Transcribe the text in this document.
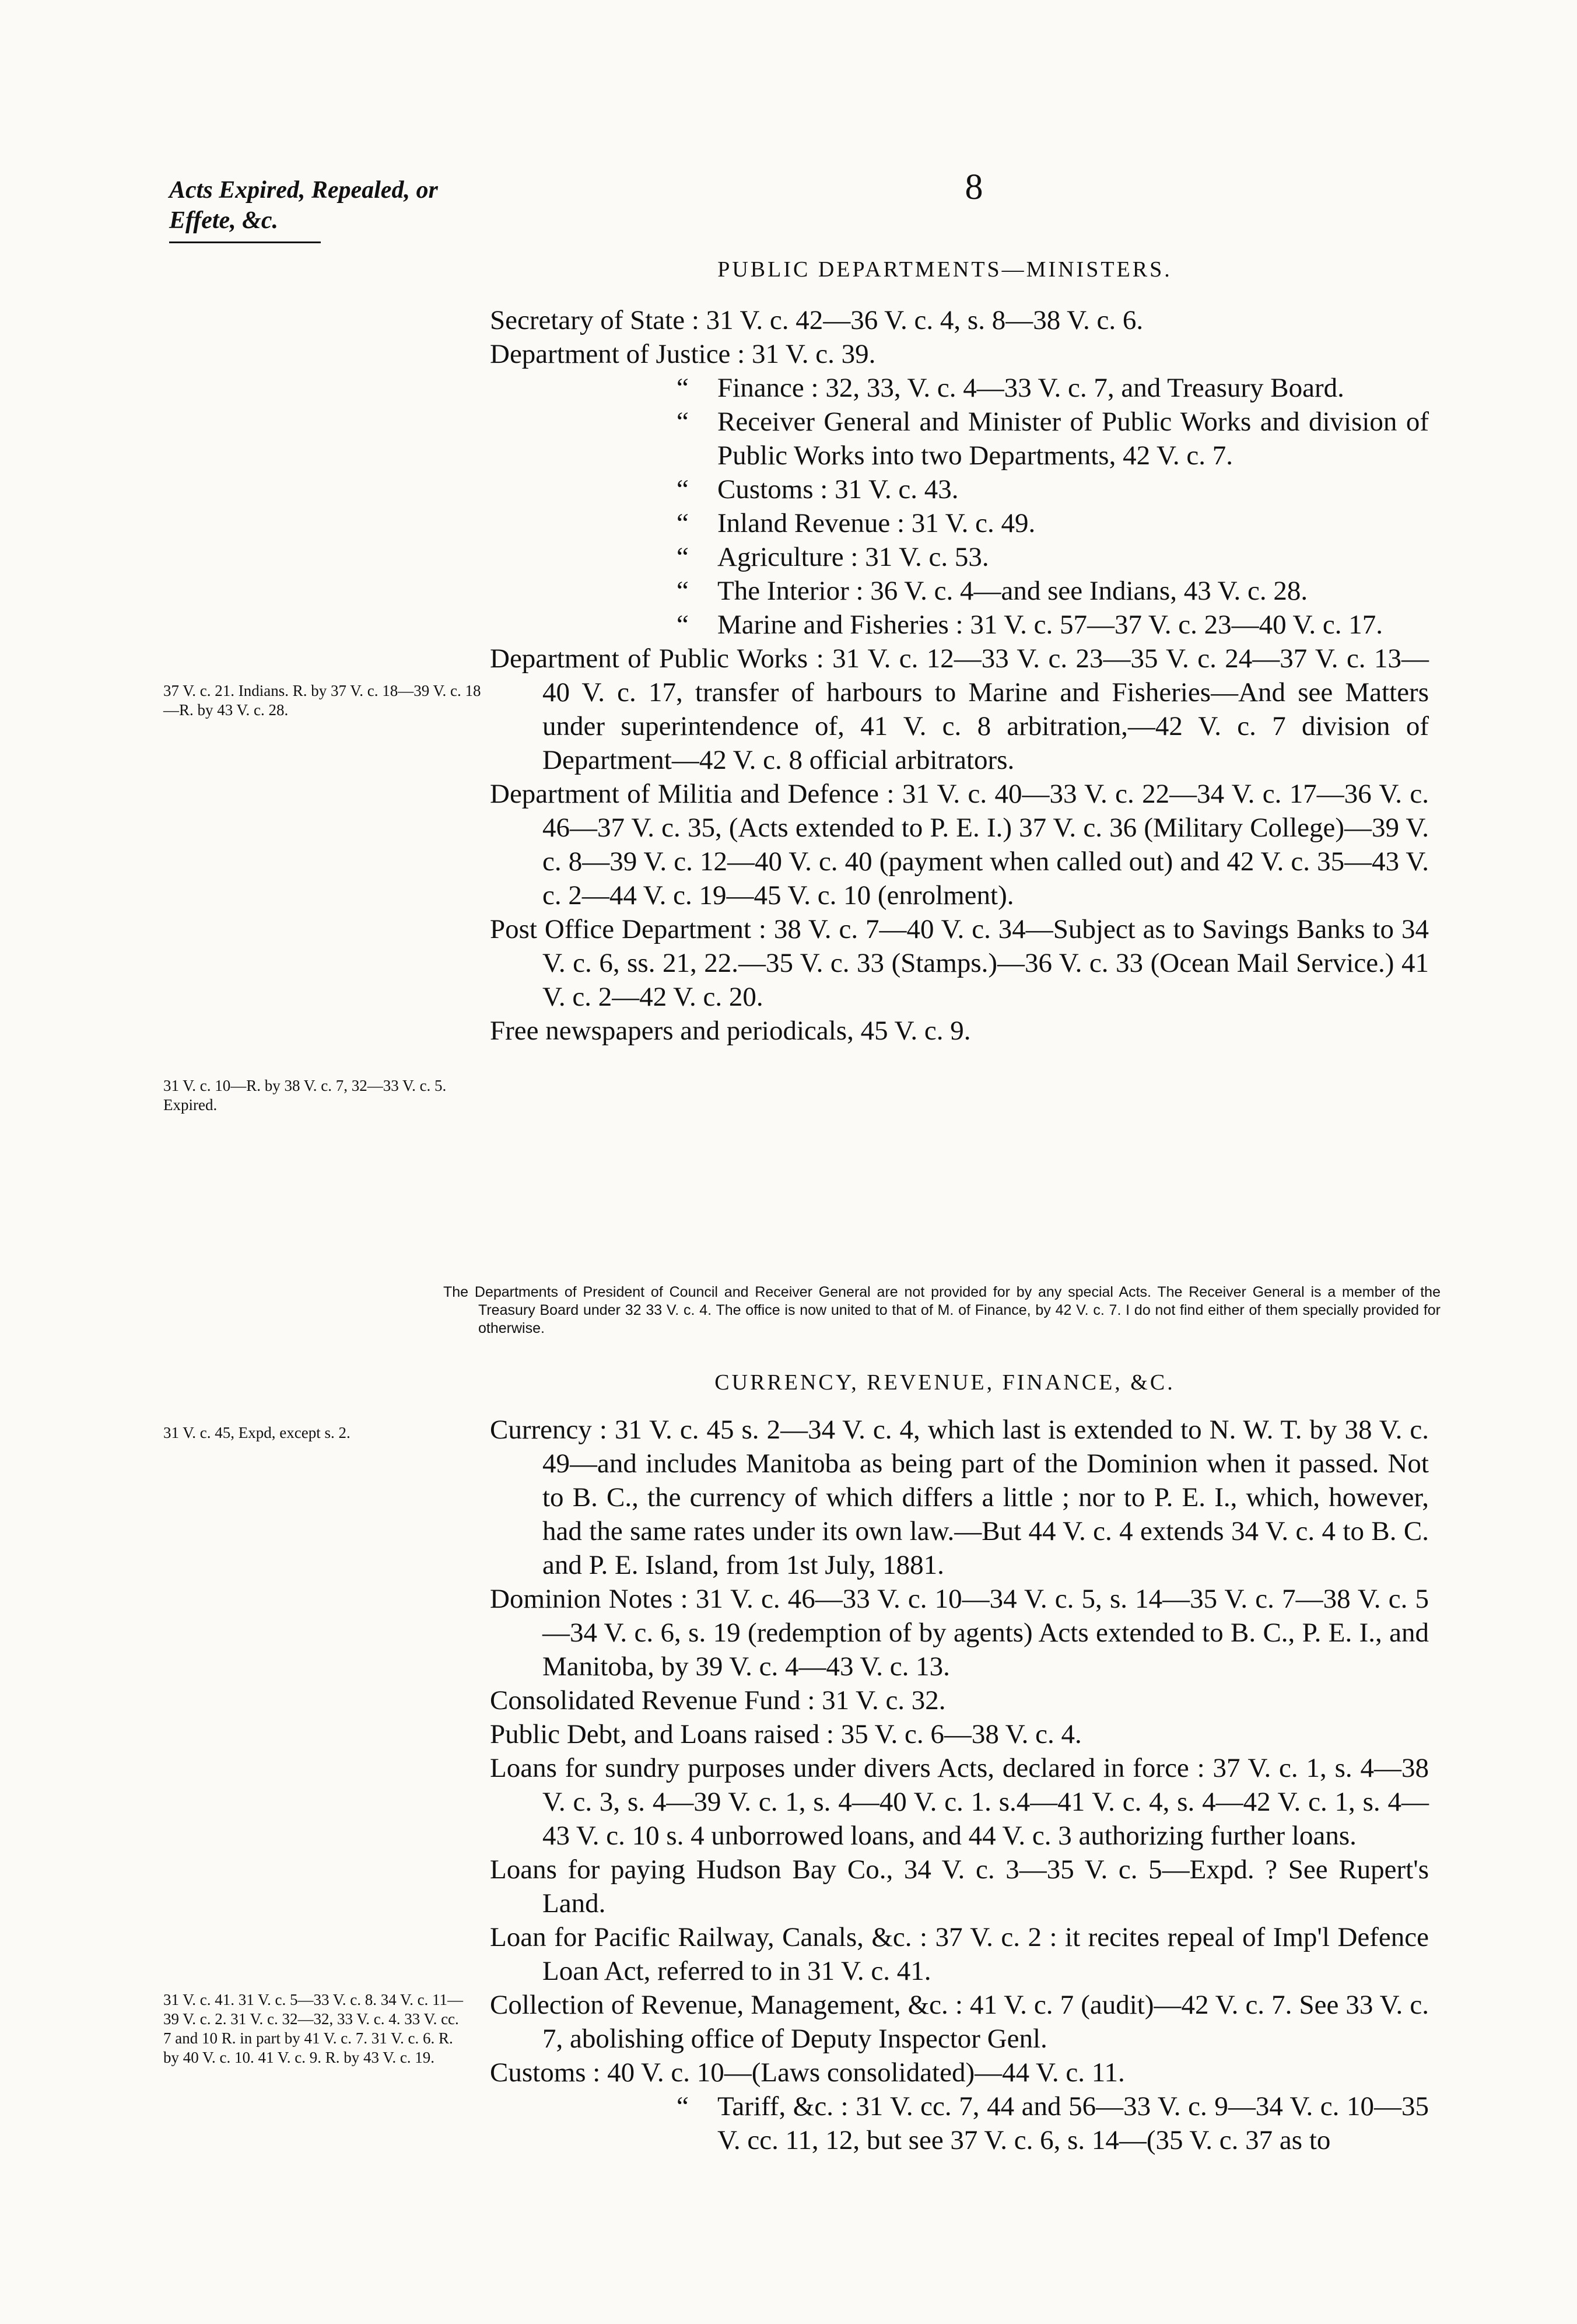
Acts Expired, Repealed, or
Effete, &c.
8
PUBLIC DEPARTMENTS—MINISTERS.

Secretary of State : 31 V. c. 42—36 V. c. 4, s. 8—38 V. c. 6.

Department of Justice : 31 V. c. 39.

“ Finance : 32, 33, V. c. 4—33 V. c. 7, and Treasury Board.

“ Receiver General and Minister of Public Works and division of Public Works into two Departments, 42 V. c. 7.

“ Customs : 31 V. c. 43.

“ Inland Revenue : 31 V. c. 49.

“ Agriculture : 31 V. c. 53.

“ The Interior : 36 V. c. 4—and see Indians, 43 V. c. 28.

“ Marine and Fisheries : 31 V. c. 57—37 V. c. 23—40 V. c. 17.

Department of Public Works : 31 V. c. 12—33 V. c. 23—35 V. c. 24—37 V. c. 13—40 V. c. 17, transfer of harbours to Marine and Fisheries—And see Matters under superintendence of, 41 V. c. 8 arbitration,—42 V. c. 7 division of Department—42 V. c. 8 official arbitrators.

Department of Militia and Defence : 31 V. c. 40—33 V. c. 22—34 V. c. 17—36 V. c. 46—37 V. c. 35, (Acts extended to P. E. I.) 37 V. c. 36 (Military College)—39 V. c. 8—39 V. c. 12—40 V. c. 40 (payment when called out) and 42 V. c. 35—43 V. c. 2—44 V. c. 19—45 V. c. 10 (enrolment).

Post Office Department : 38 V. c. 7—40 V. c. 34—Subject as to Savings Banks to 34 V. c. 6, ss. 21, 22.—35 V. c. 33 (Stamps.)—36 V. c. 33 (Ocean Mail Service.) 41 V. c. 2—42 V. c. 20.

Free newspapers and periodicals, 45 V. c. 9.

37 V. c. 21. Indians. R. by 37 V. c. 18—39 V. c. 18—R. by 43 V. c. 28.
31 V. c. 10—R. by 38 V. c. 7, 32—33 V. c. 5. Expired.

The Departments of President of Council and Receiver General are not provided for by any special Acts. The Receiver General is a member of the Treasury Board under 32 33 V. c. 4. The office is now united to that of M. of Finance, by 42 V. c. 7. I do not find either of them specially provided for otherwise.

CURRENCY, REVENUE, FINANCE, &C.

Currency : 31 V. c. 45 s. 2—34 V. c. 4, which last is extended to N. W. T. by 38 V. c. 49—and includes Manitoba as being part of the Dominion when it passed. Not to B. C., the currency of which differs a little ; nor to P. E. I., which, however, had the same rates under its own law.—But 44 V. c. 4 extends 34 V. c. 4 to B. C. and P. E. Island, from 1st July, 1881.

Dominion Notes : 31 V. c. 46—33 V. c. 10—34 V. c. 5, s. 14—35 V. c. 7—38 V. c. 5—34 V. c. 6, s. 19 (redemption of by agents) Acts extended to B. C., P. E. I., and Manitoba, by 39 V. c. 4—43 V. c. 13.

Consolidated Revenue Fund : 31 V. c. 32.

Public Debt, and Loans raised : 35 V. c. 6—38 V. c. 4.

Loans for sundry purposes under divers Acts, declared in force : 37 V. c. 1, s. 4—38 V. c. 3, s. 4—39 V. c. 1, s. 4—40 V. c. 1. s.4—41 V. c. 4, s. 4—42 V. c. 1, s. 4—43 V. c. 10 s. 4 unborrowed loans, and 44 V. c. 3 authorizing further loans.

Loans for paying Hudson Bay Co., 34 V. c. 3—35 V. c. 5—Expd. ? See Rupert's Land.

Loan for Pacific Railway, Canals, &c. : 37 V. c. 2 : it recites repeal of Imp'l Defence Loan Act, referred to in 31 V. c. 41.

Collection of Revenue, Management, &c. : 41 V. c. 7 (audit)—42 V. c. 7. See 33 V. c. 7, abolishing office of Deputy Inspector Genl.

Customs : 40 V. c. 10—(Laws consolidated)—44 V. c. 11.

“ Tariff, &c. : 31 V. cc. 7, 44 and 56—33 V. c. 9—34 V. c. 10—35 V. cc. 11, 12, but see 37 V. c. 6, s. 14—(35 V. c. 37 as to

31 V. c. 45, Expd, except s. 2.
31 V. c. 41. 31 V. c. 5—33 V. c. 8. 34 V. c. 11—39 V. c. 2. 31 V. c. 32—32, 33 V. c. 4. 33 V. cc. 7 and 10 R. in part by 41 V. c. 7. 31 V. c. 6. R. by 40 V. c. 10. 41 V. c. 9. R. by 43 V. c. 19.
